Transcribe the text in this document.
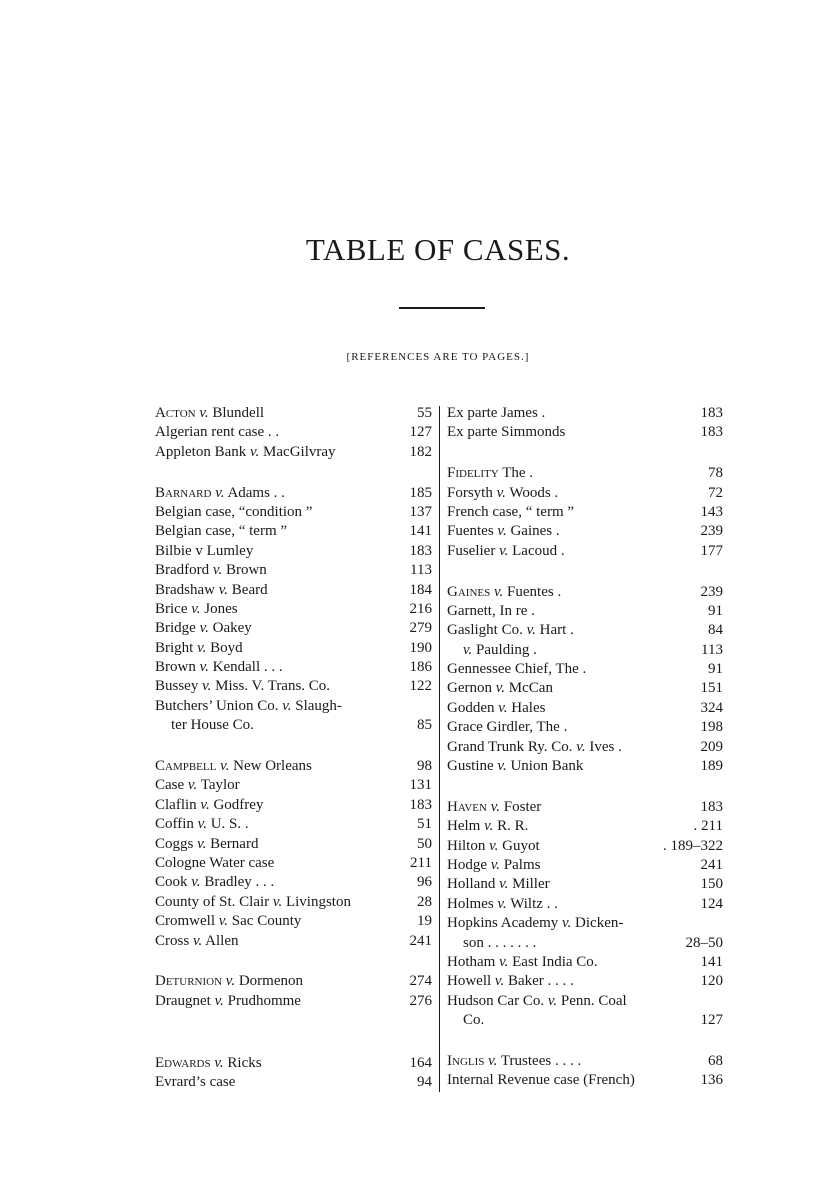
TABLE OF CASES.
[REFERENCES ARE TO PAGES.]
Acton v. Blundell	55
Algerian rent case . .	127
Appleton Bank v. MacGilvray	182
Barnard v. Adams . .	185
Belgian case, “condition ”	137
Belgian case, “ term ”	141
Bilbie v Lumley	183
Bradford v. Brown	113
Bradshaw v. Beard	184
Brice v. Jones	216
Bridge v. Oakey	279
Bright v. Boyd	190
Brown v. Kendall . . .	186
Bussey v. Miss. V. Trans. Co.	122
Butchers’ Union Co. v. Slaugh-
ter House Co.	85
Campbell v. New Orleans	98
Case v. Taylor	131
Claflin v. Godfrey	183
Coffin v. U. S. .	51
Coggs v. Bernard	50
Cologne Water case	211
Cook v. Bradley . . .	96
County of St. Clair v. Livingston	28
Cromwell v. Sac County	19
Cross v. Allen	241
Deturnion v. Dormenon	274
Draugnet v. Prudhomme	276
Edwards v. Ricks	164
Evrard’s case	94
Ex parte James .	183
Ex parte Simmonds	183
Fidelity The .	78
Forsyth v. Woods .	72
French case, “ term ”	143
Fuentes v. Gaines .	239
Fuselier v. Lacoud .	177
Gaines v. Fuentes .	239
Garnett, In re .	91
Gaslight Co. v. Hart .	84
v. Paulding .	113
Gennessee Chief, The .	91
Gernon v. McCan	151
Godden v. Hales	324
Grace Girdler, The .	198
Grand Trunk Ry. Co. v. Ives .	209
Gustine v. Union Bank	189
Haven v. Foster	183
Helm v. R. R.	. 211
Hilton v. Guyot	. 189–322
Hodge v. Palms	241
Holland v. Miller	150
Holmes v. Wiltz . .	124
Hopkins Academy v. Dicken-
son . . . . . . .	28–50
Hotham v. East India Co.	141
Howell v. Baker . . . .	120
Hudson Car Co. v. Penn. Coal
Co.	127
Inglis v. Trustees . . . .	68
Internal Revenue case (French)	136
